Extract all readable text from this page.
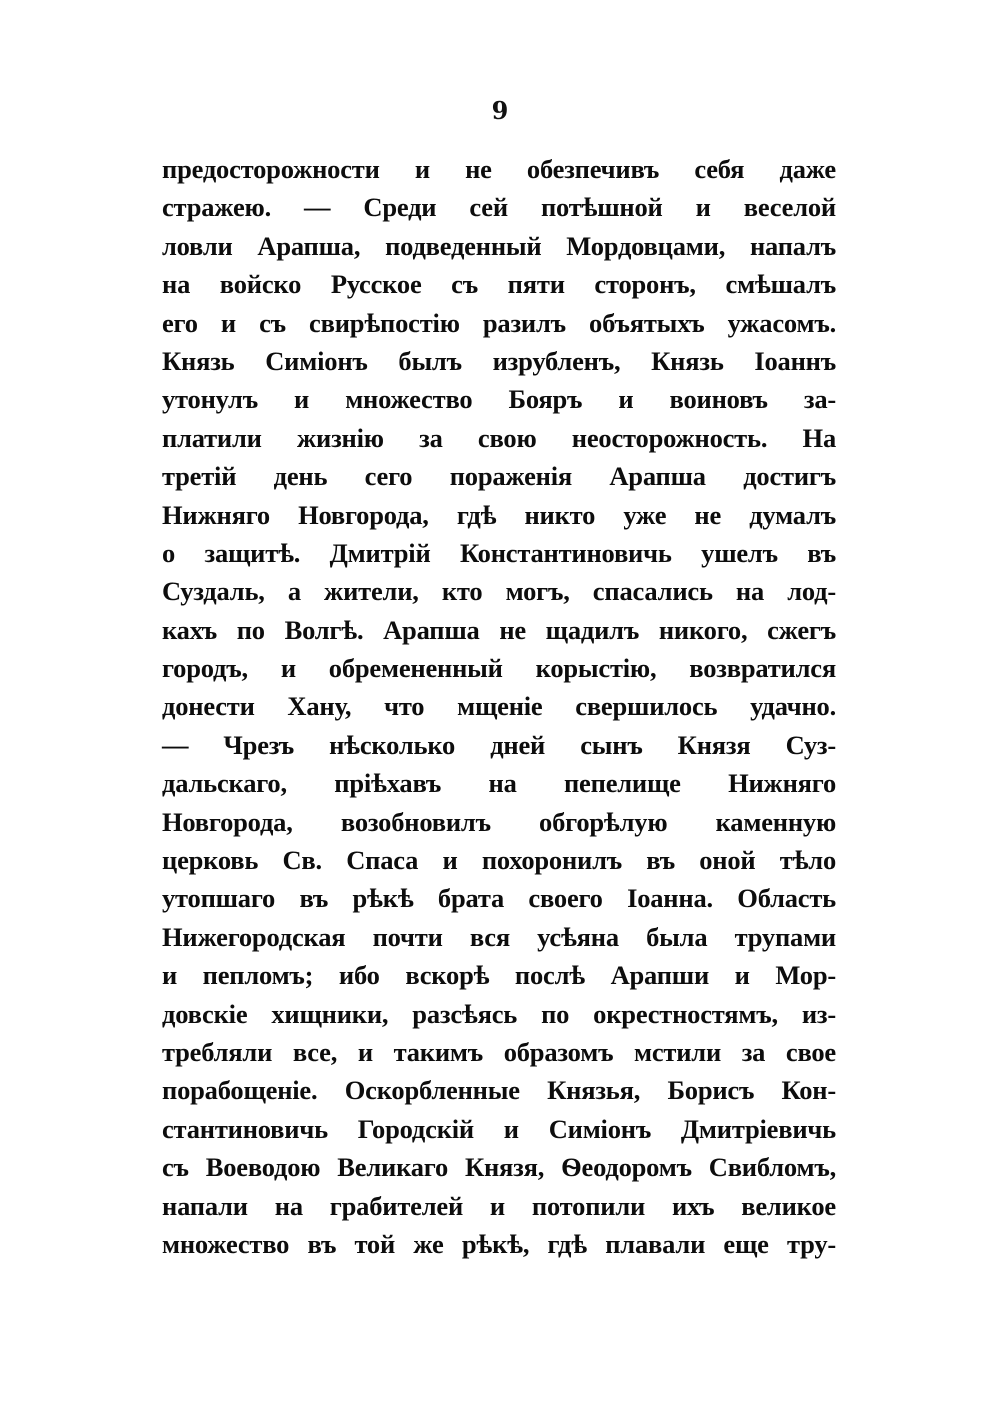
9
предосторожности и не обезпечивъ себя даже
стражею. — Среди сей потѣшной и веселой
ловли Арапша, подведенный Мордовцами, напалъ
на войско Русское съ пяти сторонъ, смѣшалъ
его и съ свирѣпостію разилъ объятыхъ ужасомъ.
Князь Симіонъ былъ изрубленъ, Князь Іоаннъ
утонулъ и множество Бояръ и воиновъ за-
платили жизнію за свою неосторожность. На
третій день сего пораженія Арапша достигъ
Нижняго Новгорода, гдѣ никто уже не думалъ
о защитѣ. Дмитрій Константиновичь ушелъ въ
Суздаль, а жители, кто могъ, спасались на лод-
кахъ по Волгѣ. Арапша не щадилъ никого, сжегъ
городъ, и обремененный корыстію, возвратился
донести Хану, что мщеніе свершилось удачно.
— Чрезъ нѣсколько дней сынъ Князя Суз-
дальскаго, пріѣхавъ на пепелище Нижняго
Новгорода, возобновилъ обгорѣлую каменную
церковь Св. Спаса и похоронилъ въ оной тѣло
утопшаго въ рѣкѣ брата своего Іоанна. Область
Нижегородская почти вся усѣяна была трупами
и пепломъ; ибо вскорѣ послѣ Арапши и Мор-
довскіе хищники, разсѣясь по окрестностямъ, из-
требляли все, и такимъ образомъ мстили за свое
порабощеніе. Оскорбленные Князья, Борисъ Кон-
стантиновичь Городскій и Симіонъ Дмитріевичь
съ Воеводою Великаго Князя, Ѳеодоромъ Свибломъ,
напали на грабителей и потопили ихъ великое
множество въ той же рѣкѣ, гдѣ плавали еще тру-
